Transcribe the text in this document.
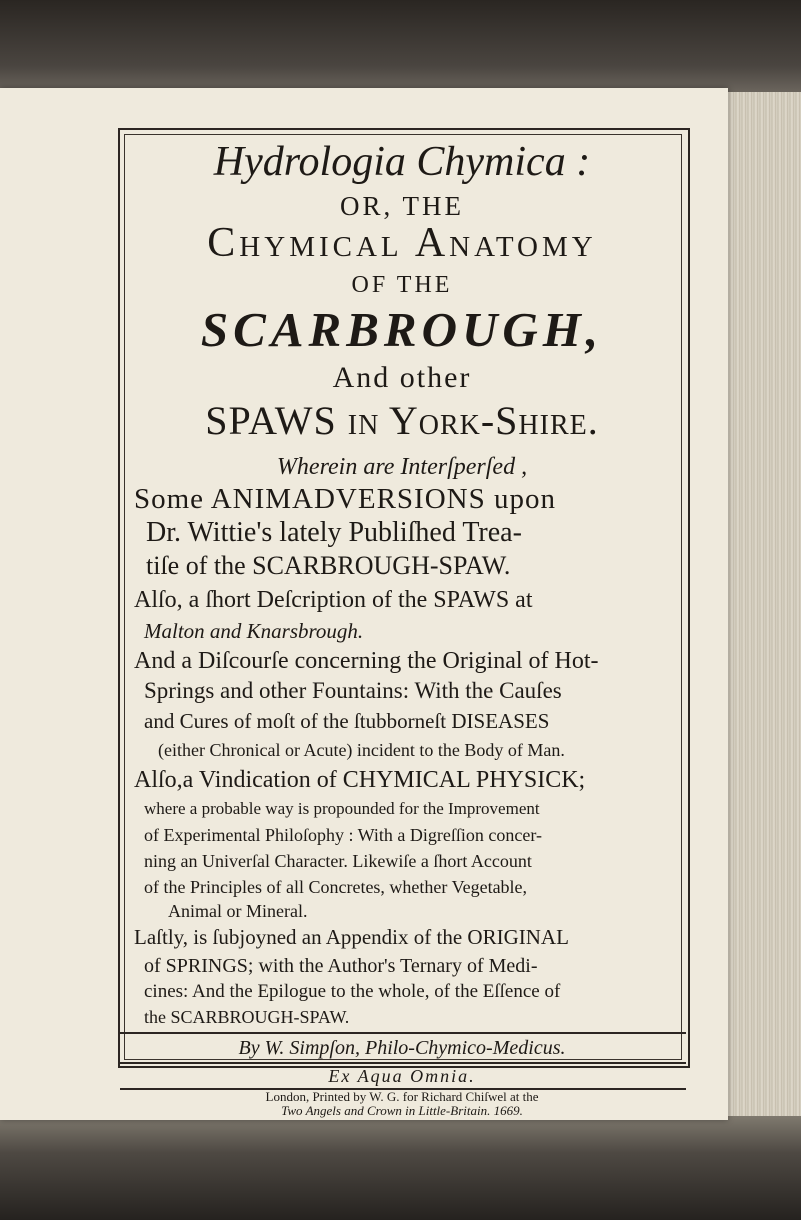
Hydrologia Chymica :
OR, THE
Chymical Anatomy
OF THE
SCARBROUGH,
And other
SPAWS in York-Shire.
Wherein are Interſperſed ,
Some ANIMADVERSIONS upon
Dr. Wittie's lately Publiſhed Trea-
tiſe of the SCARBROUGH-SPAW.
Alſo, a ſhort Deſcription of the SPAWS at
Malton and Knarsbrough.
And a Diſcourſe concerning the Original of Hot-
Springs and other Fountains: With the Cauſes
and Cures of moſt of the ſtubborneſt DISEASES
(either Chronical or Acute) incident to the Body of Man.
Alſo,a Vindication of CHYMICAL PHYSICK;
where a probable way is propounded for the Improvement
of Experimental Philoſophy : With a Digreſſion concer-
ning an Univerſal Character. Likewiſe a ſhort Account
of the Principles of all Concretes, whether Vegetable,
Animal or Mineral.
Laſtly, is ſubjoyned an Appendix of the ORIGINAL
of SPRINGS; with the Author's Ternary of Medi-
cines: And the Epilogue to the whole, of the Eſſence of
the SCARBROUGH-SPAW.
By W. Simpſon, Philo-Chymico-Medicus.
Ex Aqua Omnia.
London, Printed by W. G. for Richard Chiſwel at the
Two Angels and Crown in Little-Britain. 1669.
